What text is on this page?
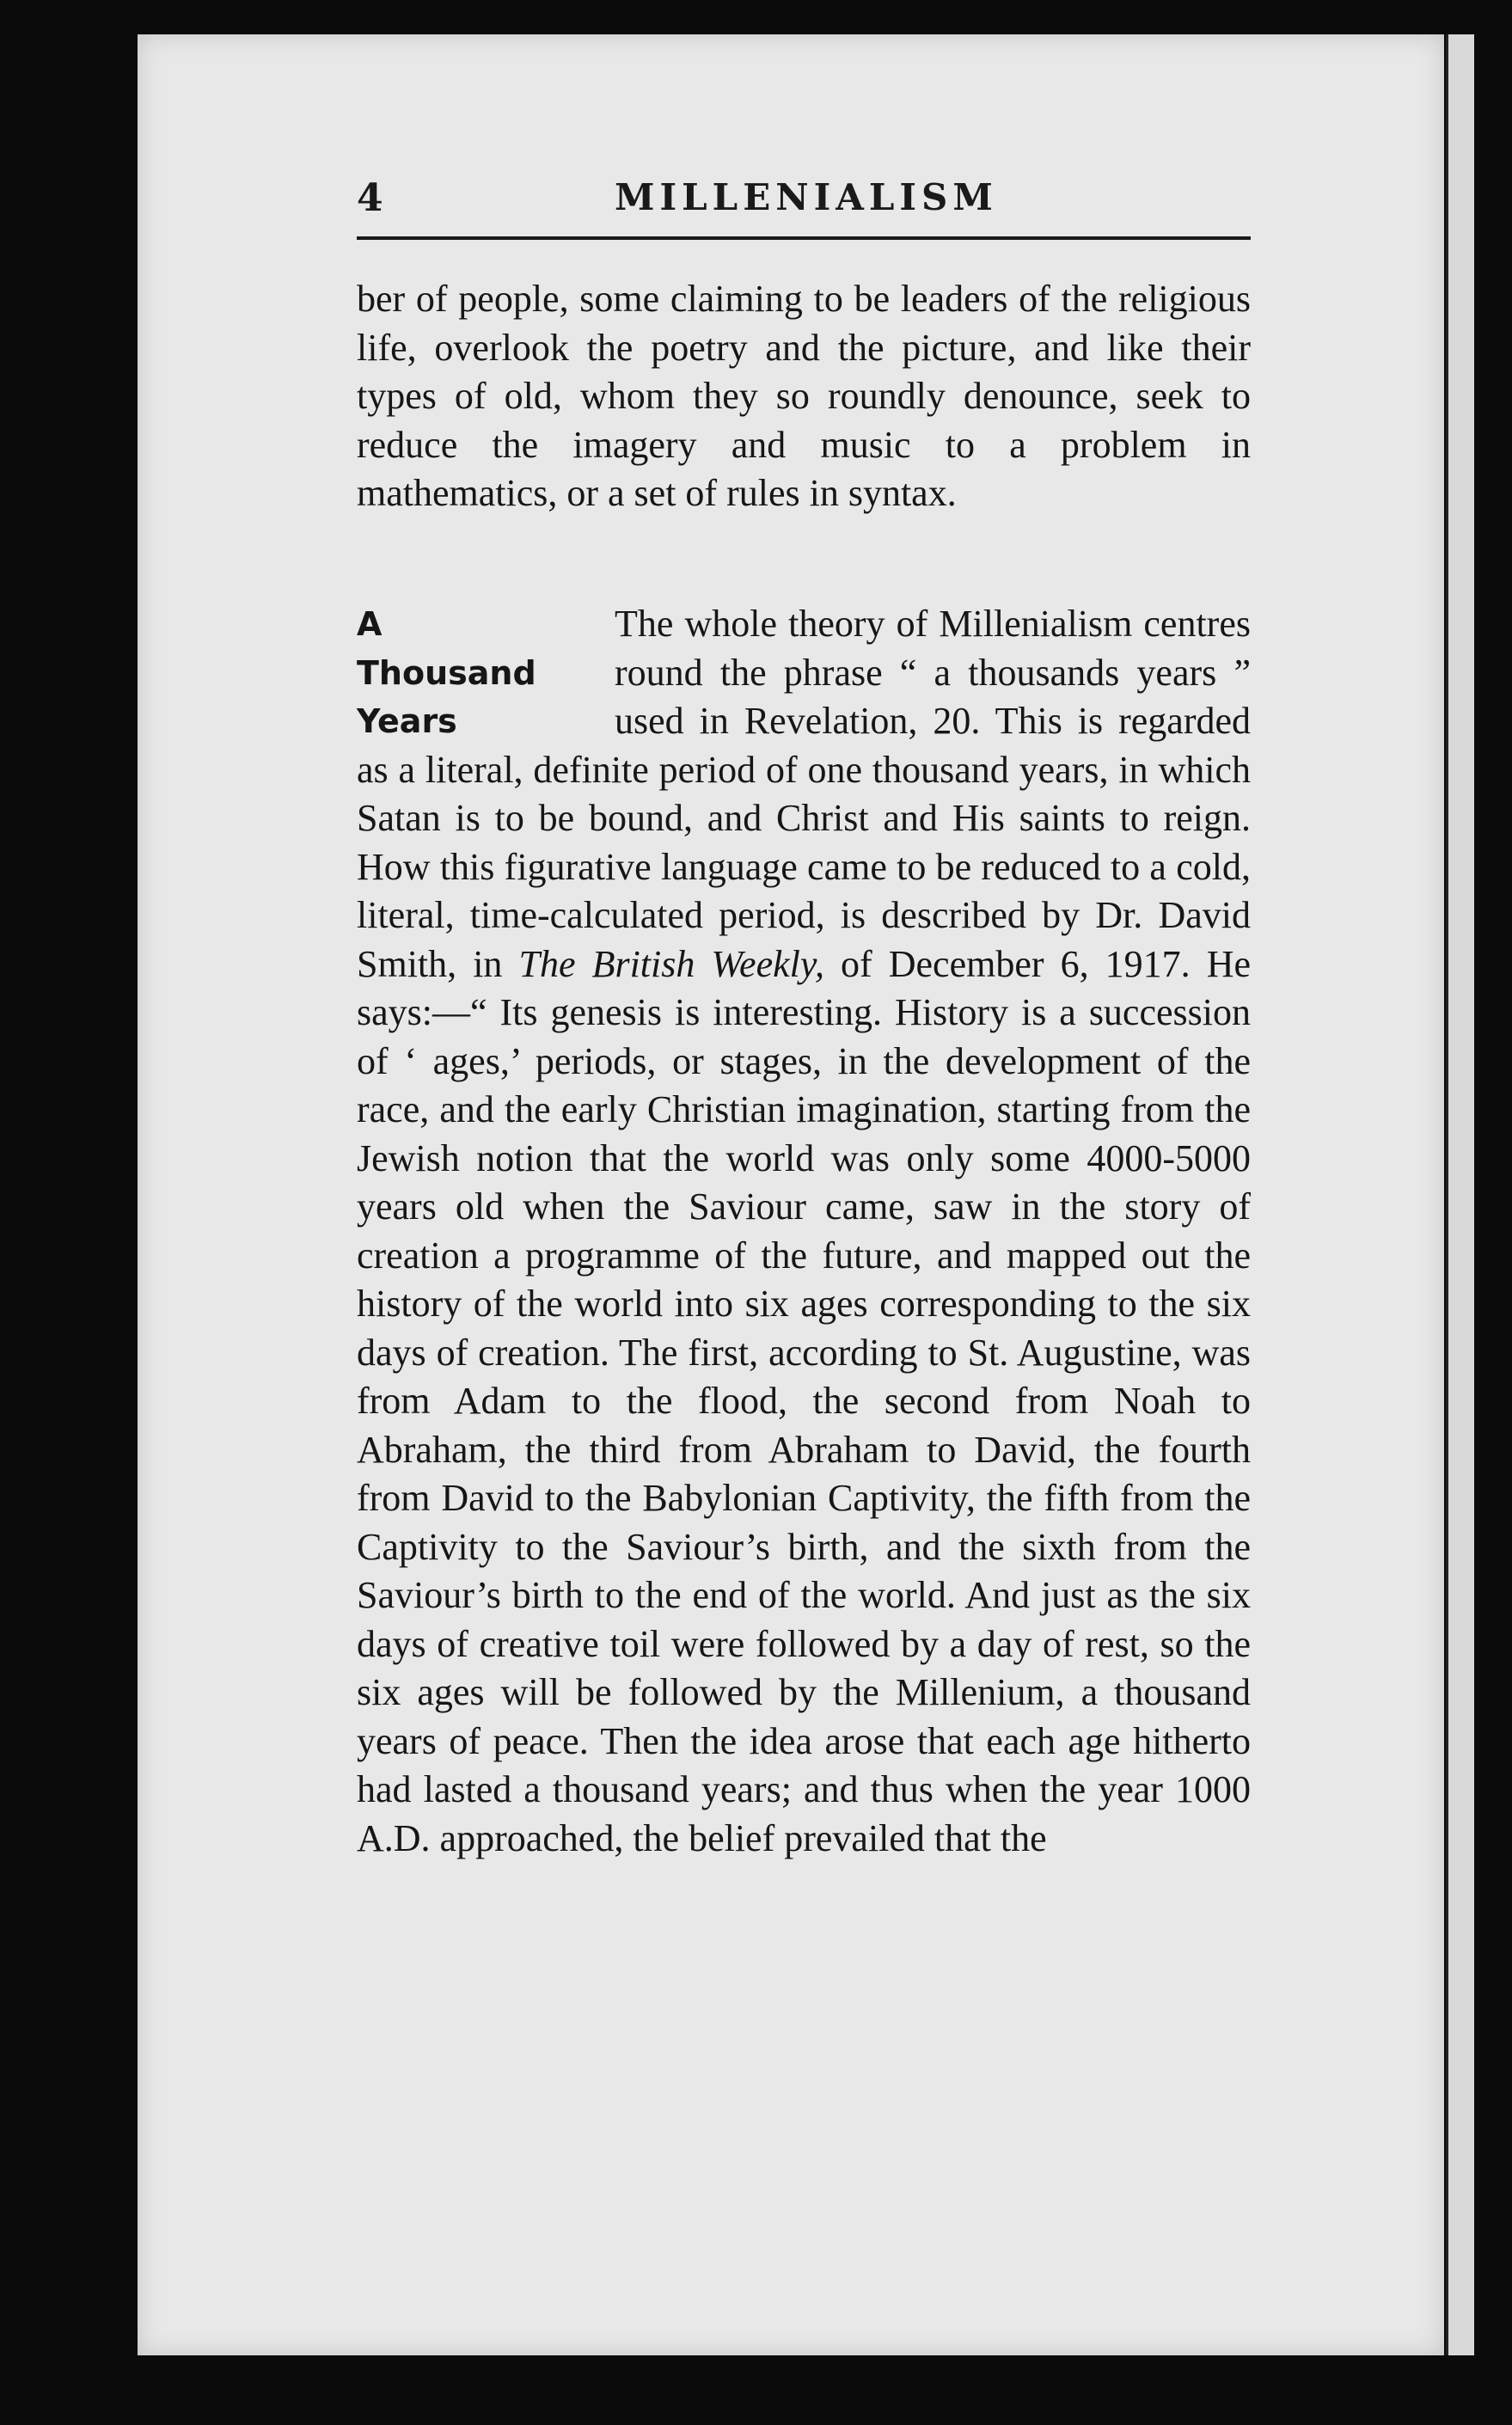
4	MILLENIALISM

ber of people, some claiming to be leaders of the religious life, overlook the poetry and the picture, and like their types of old, whom they so roundly denounce, seek to reduce the imagery and music to a problem in mathematics, or a set of rules in syntax.

A
Thousand
Years

The whole theory of Millenialism centres round the phrase “ a thousands years ” used in Revelation, 20. This is regarded as a literal, definite period of one thousand years, in which Satan is to be bound, and Christ and His saints to reign. How this figurative language came to be reduced to a cold, literal, time-calculated period, is described by Dr. David Smith, in The British Weekly, of December 6, 1917. He says:—“ Its genesis is interesting. History is a succession of ‘ ages,’ periods, or stages, in the development of the race, and the early Christian imagination, starting from the Jewish notion that the world was only some 4000-5000 years old when the Saviour came, saw in the story of creation a programme of the future, and mapped out the history of the world into six ages corresponding to the six days of creation. The first, according to St. Augustine, was from Adam to the flood, the second from Noah to Abraham, the third from Abraham to David, the fourth from David to the Babylonian Captivity, the fifth from the Captivity to the Saviour’s birth, and the sixth from the Saviour’s birth to the end of the world. And just as the six days of creative toil were followed by a day of rest, so the six ages will be followed by the Millenium, a thousand years of peace. Then the idea arose that each age hitherto had lasted a thousand years; and thus when the year 1000 A.D. approached, the belief prevailed that the
